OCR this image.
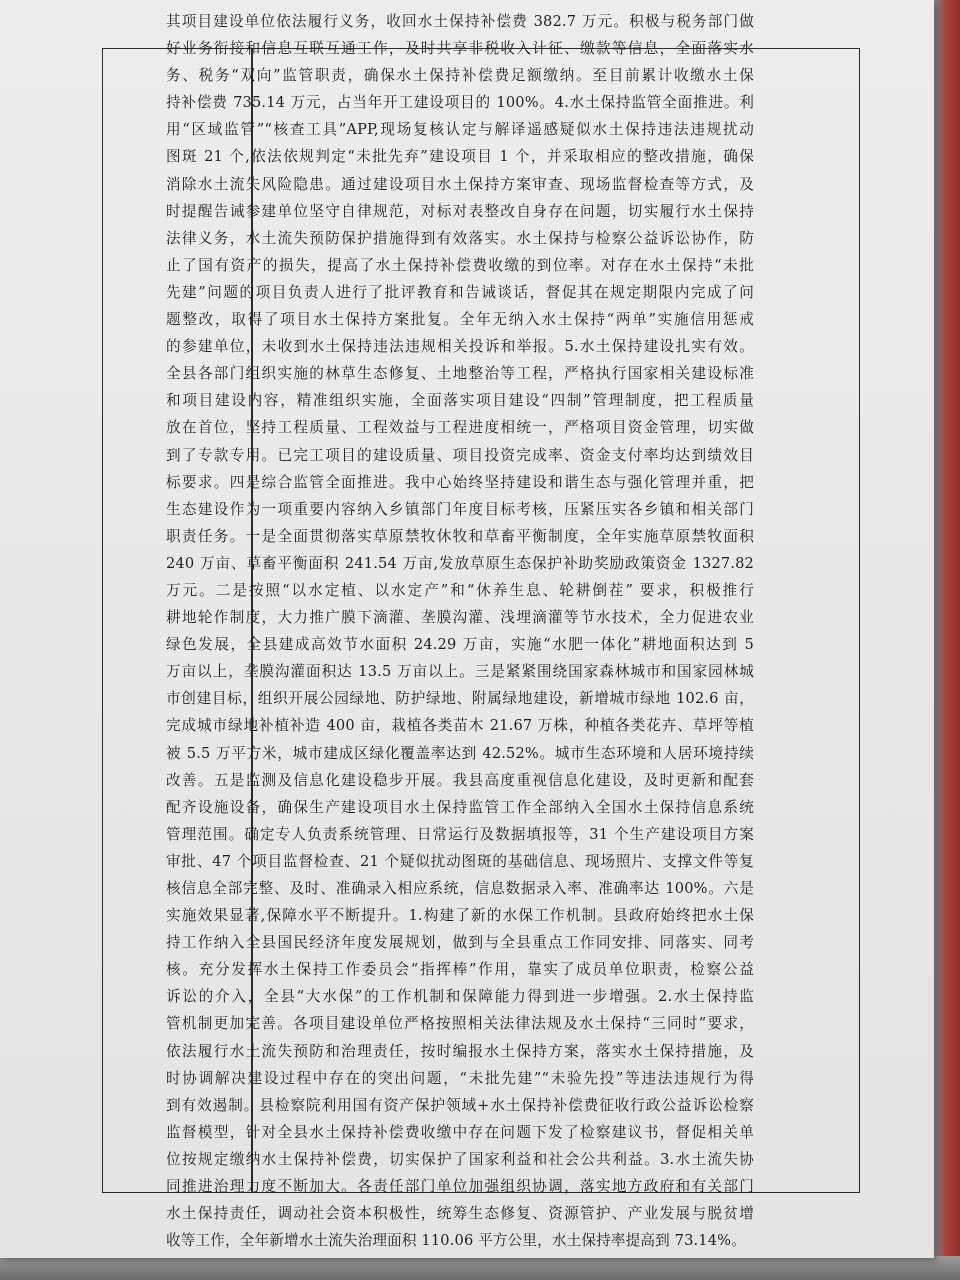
其项目建设单位依法履行义务，收回水土保持补偿费 382.7 万元。积极与税务部门做
好业务衔接和信息互联互通工作，及时共享非税收入计征、缴款等信息，全面落实水
务、税务“双向”监管职责，确保水土保持补偿费足额缴纳。至目前累计收缴水土保
持补偿费 735.14 万元，占当年开工建设项目的 100%。4.水土保持监管全面推进。利
用“区域监管”“核查工具”APP,现场复核认定与解译遥感疑似水土保持违法违规扰动
图斑 21 个,依法依规判定“未批先弃”建设项目 1 个，并采取相应的整改措施，确保
消除水土流失风险隐患。通过建设项目水土保持方案审查、现场监督检查等方式，及
时提醒告诫参建单位坚守自律规范，对标对表整改自身存在问题，切实履行水土保持
法律义务，水土流失预防保护措施得到有效落实。水土保持与检察公益诉讼协作，防
止了国有资产的损失，提高了水土保持补偿费收缴的到位率。对存在水土保持“未批
先建”问题的项目负责人进行了批评教育和告诫谈话，督促其在规定期限内完成了问
题整改，取得了项目水土保持方案批复。全年无纳入水土保持“两单”实施信用惩戒
的参建单位，未收到水土保持违法违规相关投诉和举报。5.水土保持建设扎实有效。
全县各部门组织实施的林草生态修复、土地整治等工程，严格执行国家相关建设标准
和项目建设内容，精准组织实施，全面落实项目建设“四制”管理制度，把工程质量
放在首位，坚持工程质量、工程效益与工程进度相统一，严格项目资金管理，切实做
到了专款专用。已完工项目的建设质量、项目投资完成率、资金支付率均达到绩效目
标要求。四是综合监管全面推进。我中心始终坚持建设和谐生态与强化管理并重，把
生态建设作为一项重要内容纳入乡镇部门年度目标考核，压紧压实各乡镇和相关部门
职责任务。一是全面贯彻落实草原禁牧休牧和草畜平衡制度，全年实施草原禁牧面积
240 万亩、草畜平衡面积 241.54 万亩,发放草原生态保护补助奖励政策资金 1327.82
万元。二是按照“以水定植、以水定产”和“休养生息、轮耕倒茬” 要求，积极推行
耕地轮作制度，大力推广膜下滴灌、垄膜沟灌、浅埋滴灌等节水技术，全力促进农业
绿色发展，全县建成高效节水面积 24.29 万亩，实施“水肥一体化”耕地面积达到 5
万亩以上，垄膜沟灌面积达 13.5 万亩以上。三是紧紧围绕国家森林城市和国家园林城
市创建目标，组织开展公园绿地、防护绿地、附属绿地建设，新增城市绿地 102.6 亩，
完成城市绿地补植补造 400 亩，栽植各类苗木 21.67 万株，种植各类花卉、草坪等植
被 5.5 万平方米，城市建成区绿化覆盖率达到 42.52%。城市生态环境和人居环境持续
改善。五是监测及信息化建设稳步开展。我县高度重视信息化建设，及时更新和配套
配齐设施设备，确保生产建设项目水土保持监管工作全部纳入全国水土保持信息系统
管理范围。确定专人负责系统管理、日常运行及数据填报等，31 个生产建设项目方案
审批、47 个项目监督检查、21 个疑似扰动图斑的基础信息、现场照片、支撑文件等复
核信息全部完整、及时、准确录入相应系统，信息数据录入率、准确率达 100%。六是
实施效果显著,保障水平不断提升。1.构建了新的水保工作机制。县政府始终把水土保
持工作纳入全县国民经济年度发展规划，做到与全县重点工作同安排、同落实、同考
核。充分发挥水土保持工作委员会“指挥棒”作用，靠实了成员单位职责，检察公益
诉讼的介入，全县“大水保”的工作机制和保障能力得到进一步增强。2.水土保持监
管机制更加完善。各项目建设单位严格按照相关法律法规及水土保持“三同时”要求，
依法履行水土流失预防和治理责任，按时编报水土保持方案，落实水土保持措施，及
时协调解决建设过程中存在的突出问题，“未批先建”“未验先投”等违法违规行为得
到有效遏制。县检察院利用国有资产保护领域+水土保持补偿费征收行政公益诉讼检察
监督模型，针对全县水土保持补偿费收缴中存在问题下发了检察建议书，督促相关单
位按规定缴纳水土保持补偿费，切实保护了国家利益和社会公共利益。3.水土流失协
同推进治理力度不断加大。各责任部门单位加强组织协调，落实地方政府和有关部门
水土保持责任，调动社会资本积极性，统筹生态修复、资源管护、产业发展与脱贫增
收等工作，全年新增水土流失治理面积 110.06 平方公里，水土保持率提高到 73.14%。
